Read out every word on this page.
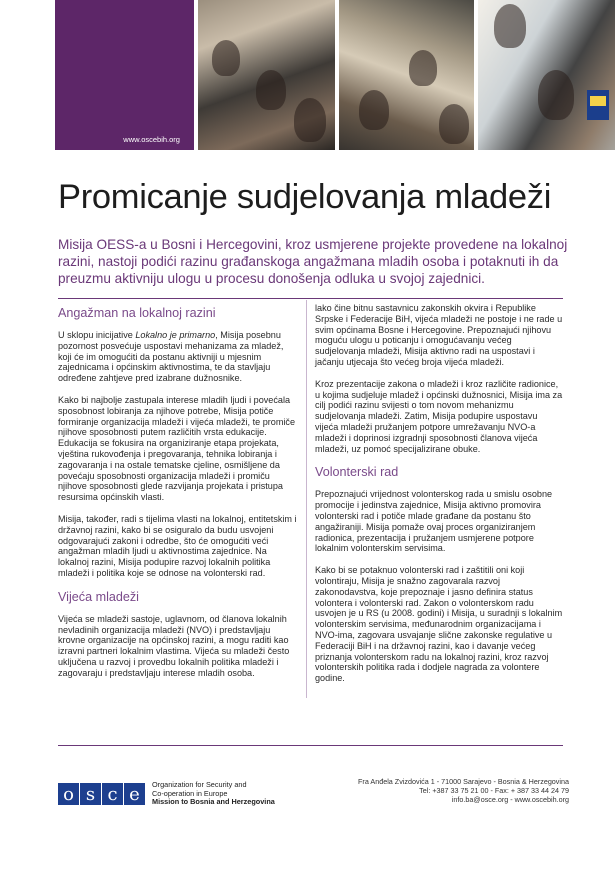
www.oscebih.org
Promicanje sudjelovanja mladeži

Misija OESS-a u Bosni i Hercegovini, kroz usmjerene projekte provedene na lokalnoj razini, nastoji podići razinu građanskoga angažmana mladih osoba i potaknuti ih da preuzmu aktivniju ulogu u procesu donošenja odluka u svojoj zajednici.

Angažman na lokalnoj razini

U sklopu inicijative Lokalno je primarno, Misija posebnu pozornost posvećuje uspostavi mehanizama za mladež, koji će im omogućiti da postanu aktivniji u mjesnim zajednicama i općinskim aktivnostima, te da stavljaju određene zahtjeve pred izabrane dužnosnike.

Kako bi najbolje zastupala interese mladih ljudi i povećala sposobnost lobiranja za njihove potrebe, Misija potiče formiranje organizacija mladeži i vijeća mladeži, te promiče njihove sposobnosti putem različitih vrsta edukacije. Edukacija se fokusira na organiziranje etapa projekata, vještina rukovođenja i pregovaranja, tehnika lobiranja i zagovaranja i na ostale tematske cjeline, osmišljene da povećaju sposobnosti organizacija mladeži i promiču njihove sposobnosti glede razvijanja projekata i pristupa resursima općinskih vlasti.

Misija, također, radi s tijelima vlasti na lokalnoj, entitetskim i državnoj razini, kako bi se osiguralo da budu usvojeni odgovarajući zakoni i odredbe, što će omogućiti veći angažman mladih ljudi u aktivnostima zajednice. Na lokalnoj razini, Misija podupire razvoj lokalnih politika mladeži i politika koje se odnose na volonterski rad.

Vijeća mladeži

Vijeća se mladeži sastoje, uglavnom, od članova lokalnih nevladinih organizacija mladeži (NVO) i predstavljaju krovne organizacije na općinskoj razini, a mogu raditi kao izravni partneri lokalnim vlastima. Vijeća su mladeži često uključena u razvoj i provedbu lokalnih politika mladeži i zagovaraju i predstavljaju interese mladih osoba.

lako čine bitnu sastavnicu zakonskih okvira i Republike Srpske i Federacije BiH, vijeća mladeži ne postoje i ne rade u svim općinama Bosne i Hercegovine. Prepoznajući njihovu moguću ulogu u poticanju i omogućavanju većeg sudjelovanja mladeži, Misija aktivno radi na uspostavi i jačanju utjecaja što većeg broja vijeća mladeži.

Kroz prezentacije zakona o mladeži i kroz različite radionice, u kojima sudjeluje mladež i općinski dužnosnici, Misija ima za cilj podići razinu svijesti o tom novom mehanizmu sudjelovanja mladeži. Zatim, Misija podupire uspostavu vijeća mladeži pružanjem potpore umrežavanju NVO-a mladeži i doprinosi izgradnji sposobnosti članova vijeća mladeži, uz pomoć specijalizirane obuke.

Volonterski rad

Prepoznajući vrijednost volonterskog rada u smislu osobne promocije i jedinstva zajednice, Misija aktivno promovira volonterski rad i potiče mlade građane da postanu što angažiraniji. Misija pomaže ovaj proces organiziranjem radionica, prezentacija i pružanjem usmjerene potpore lokalnim volonterskim servisima.

Kako bi se potaknuo volonterski rad i zaštitili oni koji volontiraju, Misija je snažno zagovarala razvoj zakonodavstva, koje prepoznaje i jasno definira status volontera i volonterski rad. Zakon o volonterskom radu usvojen je u RS (u 2008. godini) i Misija, u suradnji s lokalnim volonterskim servisima, međunarodnim organizacijama i NVO-ima, zagovara usvajanje slične zakonske regulative u Federaciji BiH i na državnoj razini, kao i davanje većeg priznanja volonterskom radu na lokalnoj razini, kroz razvoj volonterskih politika rada i dodjele nagrada za volontere godine.

o s c e	Organization for Security and
Co-operation in Europe
Mission to Bosnia and Herzegovina
Fra Anđela Zvizdovića 1 - 71000 Sarajevo - Bosnia & Herzegovina
Tel: +387 33 75 21 00 - Fax: + 387 33 44 24 79
info.ba@osce.org - www.oscebih.org
